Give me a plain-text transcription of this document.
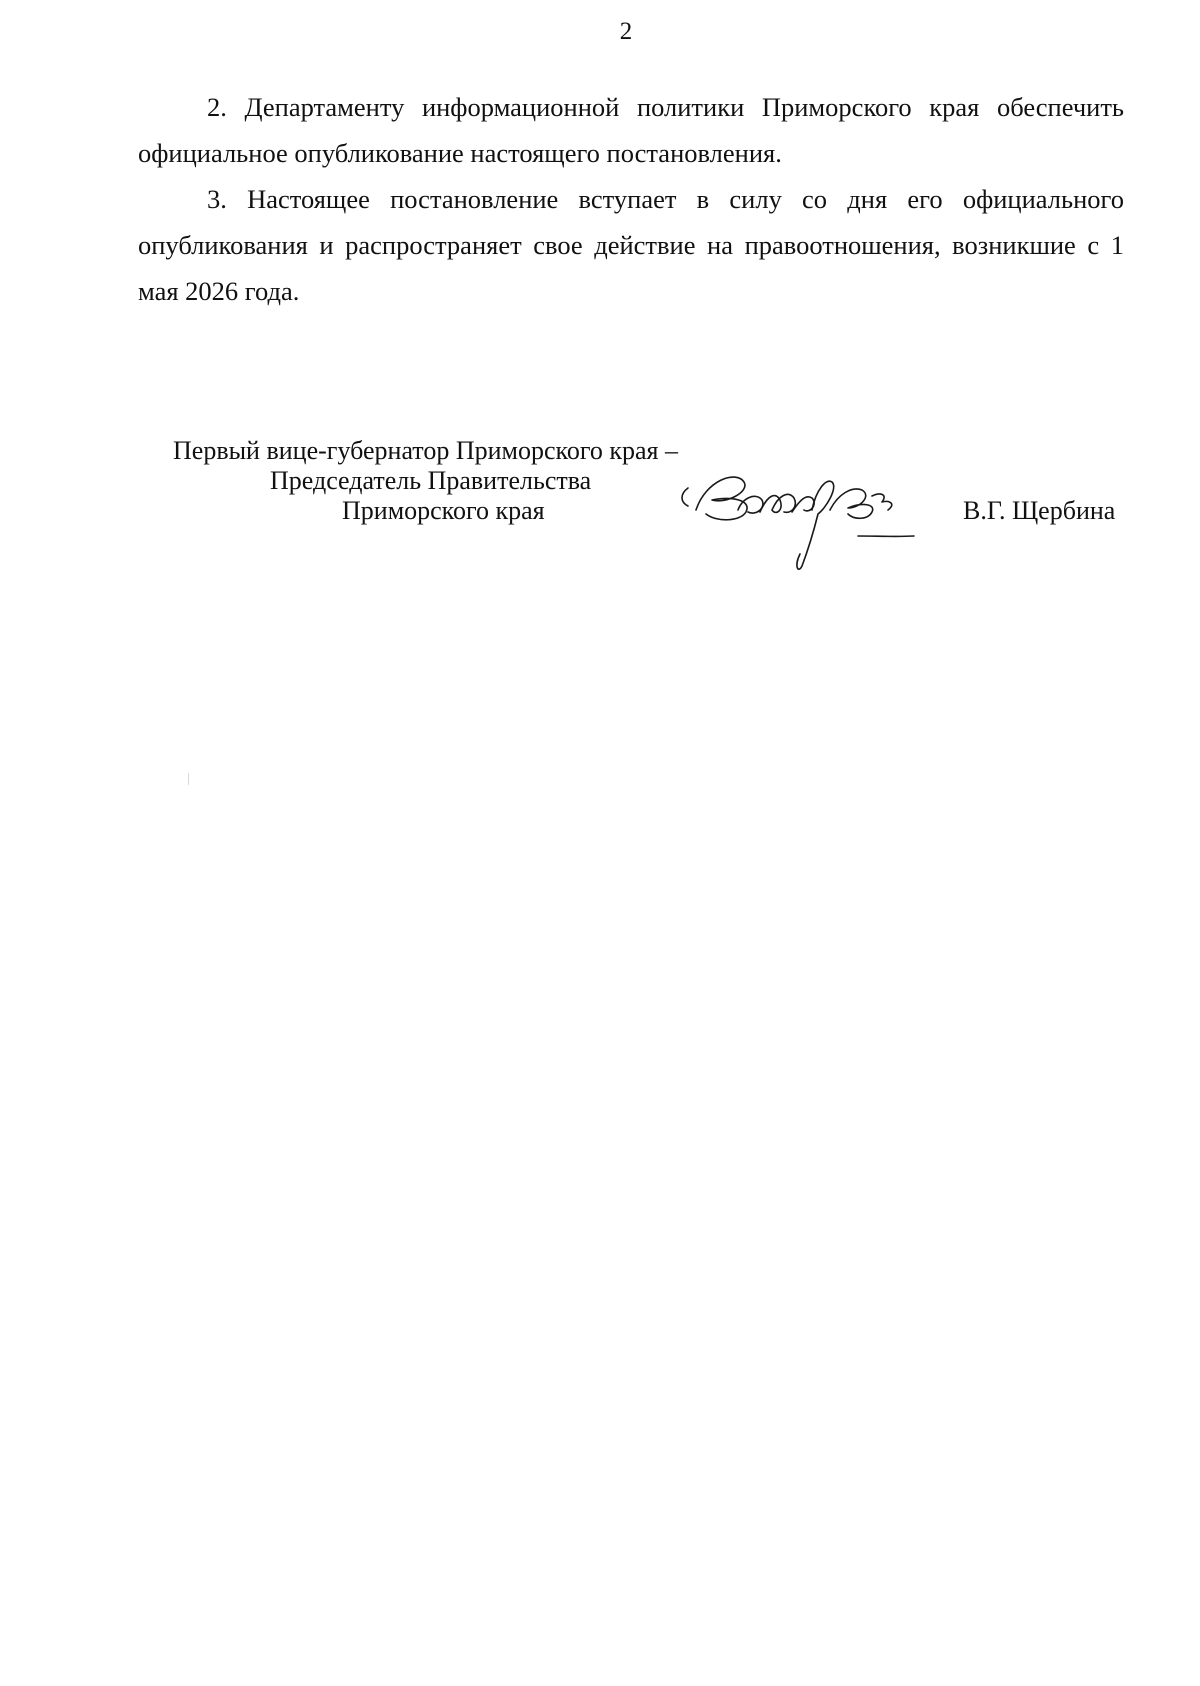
2

2. Департаменту информационной политики Приморского края обеспечить официальное опубликование настоящего постановления.

3. Настоящее постановление вступает в силу со дня его официального опубликования и распространяет свое действие на правоотношения, возникшие с 1 мая 2026 года.

Первый вице-губернатор Приморского края –
Председатель Правительства
Приморского края	В.Г. Щербина
